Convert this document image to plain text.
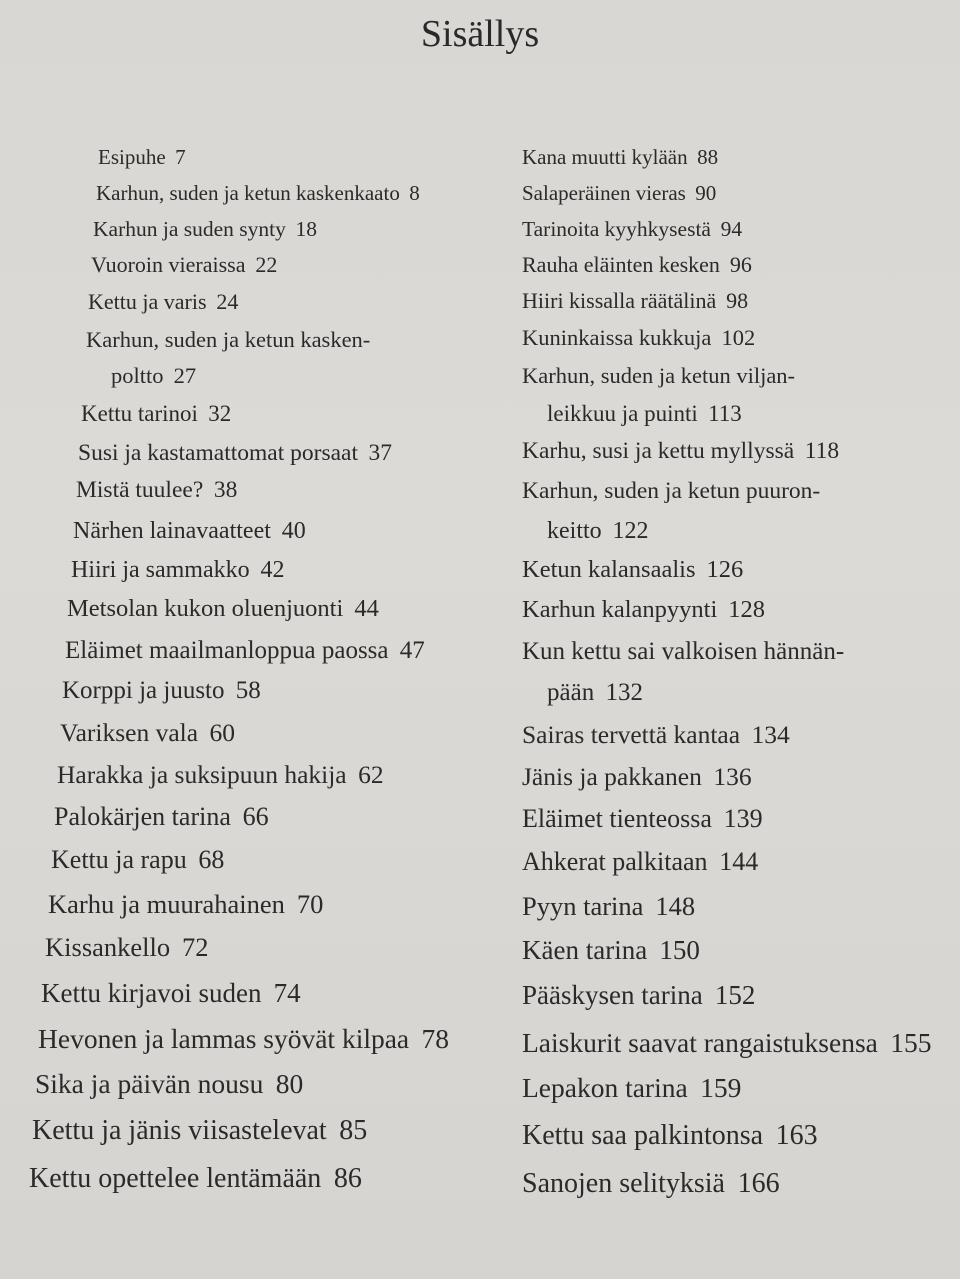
Sisällys
Esipuhe 7
Karhun, suden ja ketun kaskenkaato 8
Karhun ja suden synty 18
Vuoroin vieraissa 22
Kettu ja varis 24
Karhun, suden ja ketun kasken-
poltto 27
Kettu tarinoi 32
Susi ja kastamattomat porsaat 37
Mistä tuulee? 38
Närhen lainavaatteet 40
Hiiri ja sammakko 42
Metsolan kukon oluenjuonti 44
Eläimet maailmanloppua paossa 47
Korppi ja juusto 58
Variksen vala 60
Harakka ja suksipuun hakija 62
Palokärjen tarina 66
Kettu ja rapu 68
Karhu ja muurahainen 70
Kissankello 72
Kettu kirjavoi suden 74
Hevonen ja lammas syövät kilpaa 78
Sika ja päivän nousu 80
Kettu ja jänis viisastelevat 85
Kettu opettelee lentämään 86
Kana muutti kylään 88
Salaperäinen vieras 90
Tarinoita kyyhkysestä 94
Rauha eläinten kesken 96
Hiiri kissalla räätälinä 98
Kuninkaissa kukkuja 102
Karhun, suden ja ketun viljan-
leikkuu ja puinti 113
Karhu, susi ja kettu myllyssä 118
Karhun, suden ja ketun puuron-
keitto 122
Ketun kalansaalis 126
Karhun kalanpyynti 128
Kun kettu sai valkoisen hännän-
pään 132
Sairas tervettä kantaa 134
Jänis ja pakkanen 136
Eläimet tienteossa 139
Ahkerat palkitaan 144
Pyyn tarina 148
Käen tarina 150
Pääskysen tarina 152
Laiskurit saavat rangaistuksensa 155
Lepakon tarina 159
Kettu saa palkintonsa 163
Sanojen selityksiä 166
